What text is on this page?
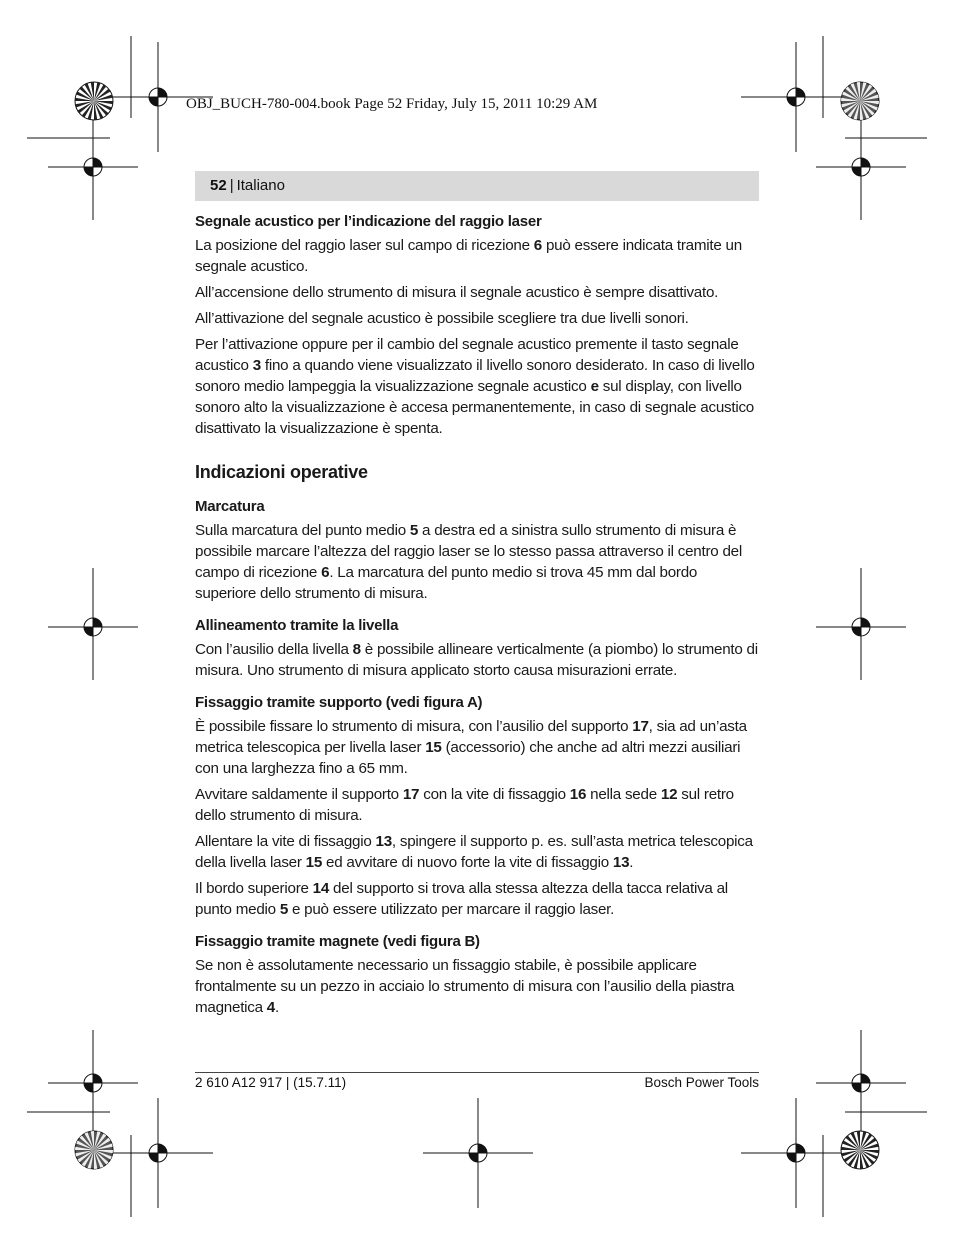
OBJ_BUCH-780-004.book Page 52 Friday, July 15, 2011 10:29 AM

52 | Italiano
Segnale acustico per l’indicazione del raggio laser

La posizione del raggio laser sul campo di ricezione 6 può essere indicata tramite un segnale acustico.

All’accensione dello strumento di misura il segnale acustico è sempre disattivato.

All’attivazione del segnale acustico è possibile scegliere tra due livelli sonori.

Per l’attivazione oppure per il cambio del segnale acustico premente il tasto segnale acustico 3 fino a quando viene visualizzato il livello sonoro desiderato. In caso di livello sonoro medio lampeggia la visualizzazione segnale acustico e sul display, con livello sonoro alto la visualizzazione è accesa permanentemente, in caso di segnale acustico disattivato la visualizzazione è spenta.

Indicazioni operative
Marcatura

Sulla marcatura del punto medio 5 a destra ed a sinistra sullo strumento di misura è possibile marcare l’altezza del raggio laser se lo stesso passa attraverso il centro del campo di ricezione 6. La marcatura del punto medio si trova 45 mm dal bordo superiore dello strumento di misura.

Allineamento tramite la livella

Con l’ausilio della livella 8 è possibile allineare verticalmente (a piombo) lo strumento di misura. Uno strumento di misura applicato storto causa misurazioni errate.

Fissaggio tramite supporto (vedi figura A)

È possibile fissare lo strumento di misura, con l’ausilio del supporto 17, sia ad un’asta metrica telescopica per livella laser 15 (accessorio) che anche ad altri mezzi ausiliari con una larghezza fino a 65 mm.

Avvitare saldamente il supporto 17 con la vite di fissaggio 16 nella sede 12 sul retro dello strumento di misura.

Allentare la vite di fissaggio 13, spingere il supporto p. es. sull’asta metrica telescopica della livella laser 15 ed avvitare di nuovo forte la vite di fissaggio 13.

Il bordo superiore 14 del supporto si trova alla stessa altezza della tacca relativa al punto medio 5 e può essere utilizzato per marcare il raggio laser.

Fissaggio tramite magnete (vedi figura B)

Se non è assolutamente necessario un fissaggio stabile, è possibile applicare frontalmente su un pezzo in acciaio lo strumento di misura con l’ausilio della piastra magnetica 4.

2 610 A12 917 | (15.7.11)	Bosch Power Tools
